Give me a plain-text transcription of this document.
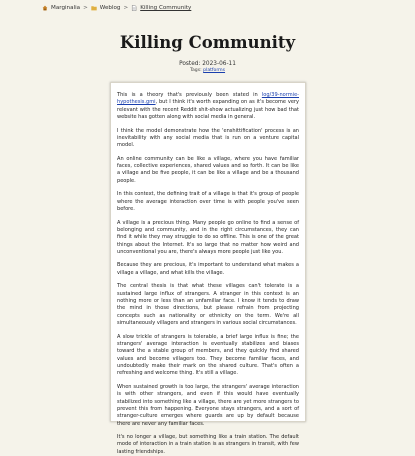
Marginalia > Weblog > Killing Community
Killing Community
Posted: 2023-06-11
Tags: platforms

This is a theory that's previously been stated in log/39-normie-hypothesis.gmi, but I think it's worth expanding on as it's become very relevant with the recent Reddit shit-show actualizing just how bad that website has gotten along with social media in general.

I think the model demonstrate how the 'enshittification' process is an inevitability with any social media that is run on a venture capital model.

An online community can be like a village, where you have familiar faces, collective experiences, shared values and so forth. It can be like a village and be five people, it can be like a village and be a thousand people.

In this context, the defining trait of a village is that it's group of people where the average interaction over time is with people you've seen before.

A village is a precious thing. Many people go online to find a sense of belonging and community, and in the right circumstances, they can find it while they may struggle to do so offline. This is one of the great things about the Internet. It's so large that no matter how weird and unconventional you are, there's always more people just like you.

Because they are precious, it's important to understand what makes a village a village, and what kills the village.

The central thesis is that what these villages can't tolerate is a sustained large influx of strangers. A stranger in this context is an nothing more or less than an unfamiliar face. I know it tends to draw the mind in those directions, but please refrain from projecting concepts such as nationality or ethnicity on the term. We're all simultaneously villagers and strangers in various social circumstances.

A slow trickle of strangers is tolerable, a brief large influx is fine; the strangers' average interaction is eventually stabilizes and biases toward the a stable group of members, and they quickly find shared values and become villagers too. They become familiar faces, and undoubtedly make their mark on the shared culture. That's often a refreshing and welcome thing. It's still a village.

When sustained growth is too large, the strangers' average interaction is with other strangers, and even if this would have eventually stabilized into something like a village, there are yet more strangers to prevent this from happening. Everyone stays strangers, and a sort of stranger-culture emerges where guards are up by default because there are never any familiar faces.

It's no longer a village, but something like a train station. The default mode of interaction in a train station is as strangers in transit, with few lasting friendships.
